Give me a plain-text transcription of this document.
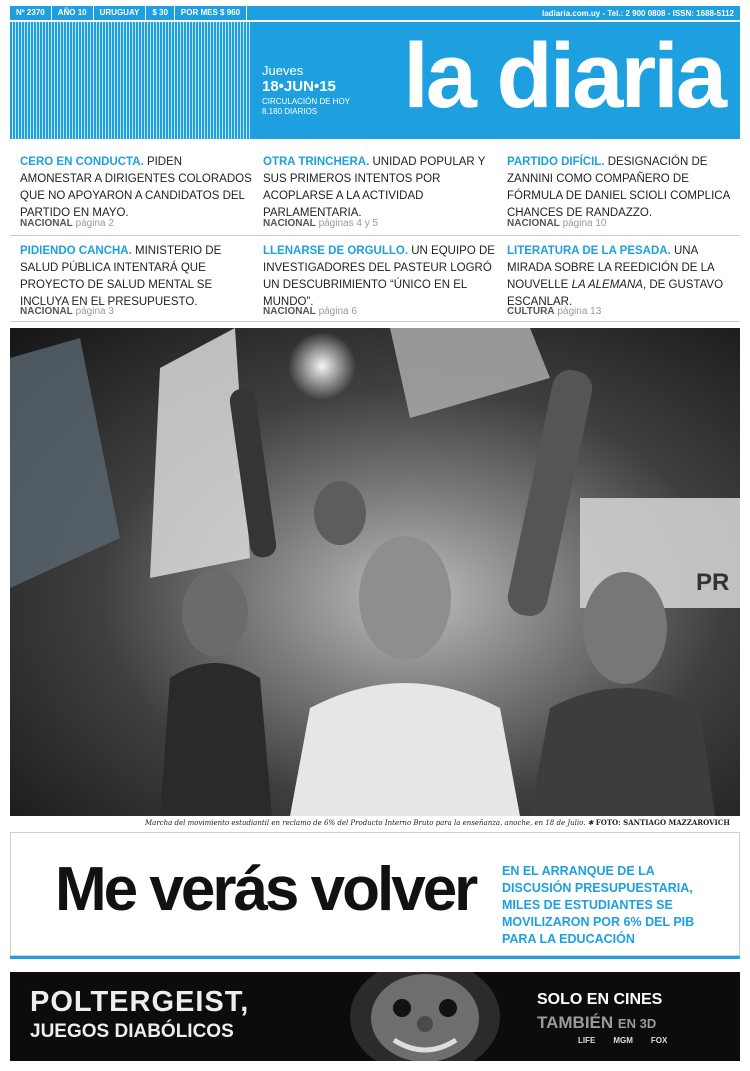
Nº 2370	AÑO 10	URUGUAY	$ 30	POR MES $ 960	ladiaria.com.uy - Tel.: 2 900 0808 - ISSN: 1688-5112
Jueves
18•JUN•15
CIRCULACIÓN DE HOY
8.180 DIARIOS la diaria
CERO EN CONDUCTA. PIDEN AMONESTAR A DIRIGENTES COLORADOS QUE NO APOYARON A CANDIDATOS DEL PARTIDO EN MAYO.
NACIONAL página 2
OTRA TRINCHERA. UNIDAD POPULAR Y SUS PRIMEROS INTENTOS POR ACOPLARSE A LA ACTIVIDAD PARLAMENTARIA.
NACIONAL páginas 4 y 5
PARTIDO DIFÍCIL. DESIGNACIÓN DE ZANNINI COMO COMPAÑERO DE FÓRMULA DE DANIEL SCIOLI COMPLICA CHANCES DE RANDAZZO.
NACIONAL página 10
PIDIENDO CANCHA. MINISTERIO DE SALUD PÚBLICA INTENTARÁ QUE PROYECTO DE SALUD MENTAL SE INCLUYA EN EL PRESUPUESTO.
NACIONAL página 3
LLENARSE DE ORGULLO. UN EQUIPO DE INVESTIGADORES DEL PASTEUR LOGRÓ UN DESCUBRIMIENTO “ÚNICO EN EL MUNDO”.
NACIONAL página 6
LITERATURA DE LA PESADA. UNA MIRADA SOBRE LA REEDICIÓN DE LA NOUVELLE LA ALEMANA, DE GUSTAVO ESCANLAR.
CULTURA página 13
PR
Marcha del movimiento estudiantil en reclamo de 6% del Producto Interno Bruto para la enseñanza, anoche, en 18 de Julio. ✱ FOTO: SANTIAGO MAZZAROVICH
Me verás volver EN EL ARRANQUE DE LA DISCUSIÓN PRESUPUESTARIA, MILES DE ESTUDIANTES SE MOVILIZARON POR 6% DEL PIB PARA LA EDUCACIÓN
POLTERGEIST,
JUEGOS DIABÓLICOS
SOLO EN CINES
TAMBIÉN EN 3D
LIFE MGM FOX
